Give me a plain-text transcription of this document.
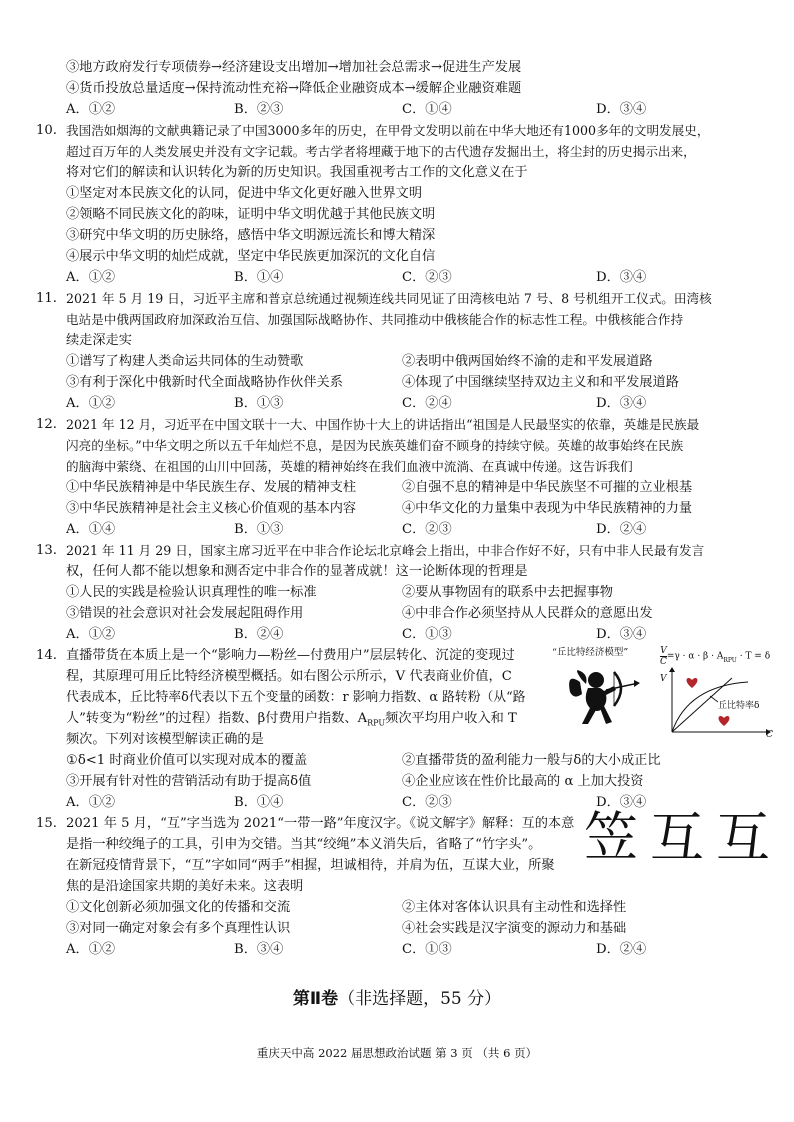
③地方政府发行专项债券→经济建设支出增加→增加社会总需求→促进生产发展
④货币投放总量适度→保持流动性充裕→降低企业融资成本→缓解企业融资难题
A．①②	B．②③	C．①④	D．③④
10. 我国浩如烟海的文献典籍记录了中国3000多年的历史，在甲骨文发明以前在中华大地还有1000多年的文明发展史，
超过百万年的人类发展史并没有文字记载。考古学者将埋藏于地下的古代遗存发掘出土，将尘封的历史揭示出来，
将对它们的解读和认识转化为新的历史知识。我国重视考古工作的文化意义在于
①坚定对本民族文化的认同，促进中华文化更好融入世界文明
②领略不同民族文化的韵味，证明中华文明优越于其他民族文明
③研究中华文明的历史脉络，感悟中华文明源远流长和博大精深
④展示中华文明的灿烂成就，坚定中华民族更加深沉的文化自信
A．①②	B．①④	C．②③	D．③④
11. 2021 年 5 月 19 日，习近平主席和普京总统通过视频连线共同见证了田湾核电站 7 号、8 号机组开工仪式。田湾核
电站是中俄两国政府加深政治互信、加强国际战略协作、共同推动中俄核能合作的标志性工程。中俄核能合作持
续走深走实
①谱写了构建人类命运共同体的生动赞歌	②表明中俄两国始终不渝的走和平发展道路
③有利于深化中俄新时代全面战略协作伙伴关系	④体现了中国继续坚持双边主义和和平发展道路
A．①②	B．①③	C．②④	D．③④
12. 2021 年 12 月，习近平在中国文联十一大、中国作协十大上的讲话指出“祖国是人民最坚实的依靠，英雄是民族最
闪亮的坐标。”中华文明之所以五千年灿烂不息，是因为民族英雄们奋不顾身的持续守候。英雄的故事始终在民族
的脑海中萦绕、在祖国的山川中回荡，英雄的精神始终在我们血液中流淌、在真诚中传递。这告诉我们
①中华民族精神是中华民族生存、发展的精神支柱	②自强不息的精神是中华民族坚不可摧的立业根基
③中华民族精神是社会主义核心价值观的基本内容	④中华文化的力量集中表现为中华民族精神的力量
A．①④	B．①③	C．②③	D．②④
13. 2021 年 11 月 29 日，国家主席习近平在中非合作论坛北京峰会上指出，中非合作好不好，只有中非人民最有发言
权，任何人都不能以想象和测否定中非合作的显著成就！这一论断体现的哲理是
①人民的实践是检验认识真理性的唯一标准	②要从事物固有的联系中去把握事物
③错误的社会意识对社会发展起阻碍作用	④中非合作必须坚持从人民群众的意愿出发
A．①②	B．②④	C．①③	D．③④
14. 直播带货在本质上是一个“影响力—粉丝—付费用户”层层转化、沉淀的变现过
程，其原理可用丘比特经济模型概括。如右图公示所示，V 代表商业价值，C
代表成本，丘比特率δ代表以下五个变量的函数：r 影响力指数、α 路转粉（从“路
人”转变为“粉丝”的过程）指数、β付费用户指数、$A_{RPU}$频次平均用户收入和 T
频次。下列对该模型解读正确的是
“丘比特经济模型”	$\frac{V}{C} =\gamma \cdot \alpha \cdot \beta \cdot A_{RPU} \cdot T = \delta$
V
C
丘比特率δ
①δ<1 时商业价值可以实现对成本的覆盖	②直播带货的盈利能力一般与δ的大小成正比
③开展有针对性的营销活动有助于提高δ值	④企业应该在性价比最高的 α 上加大投资
A．①②	B．①④	C．②③	D．③④
15. 2021 年 5 月，“互”字当选为 2021“一带一路”年度汉字。《说文解字》解释：互的本意
是指一种绞绳子的工具，引申为交错。当其“绞绳”本义消失后，省略了“竹字头”。
在新冠疫情背景下，“互”字如同“两手”相握，坦诚相待，并肩为伍，互谋大业，所聚
焦的是沿途国家共期的美好未来。这表明
笠 互 互
①文化创新必须加强文化的传播和交流	②主体对客体认识具有主动性和选择性
③对同一确定对象会有多个真理性认识	④社会实践是汉字演变的源动力和基础
A．①②	B．③④	C．①③	D．②④
第Ⅱ卷（非选择题，55 分）
重庆天中高 2022 届思想政治试题 第 3 页 （共 6 页）
